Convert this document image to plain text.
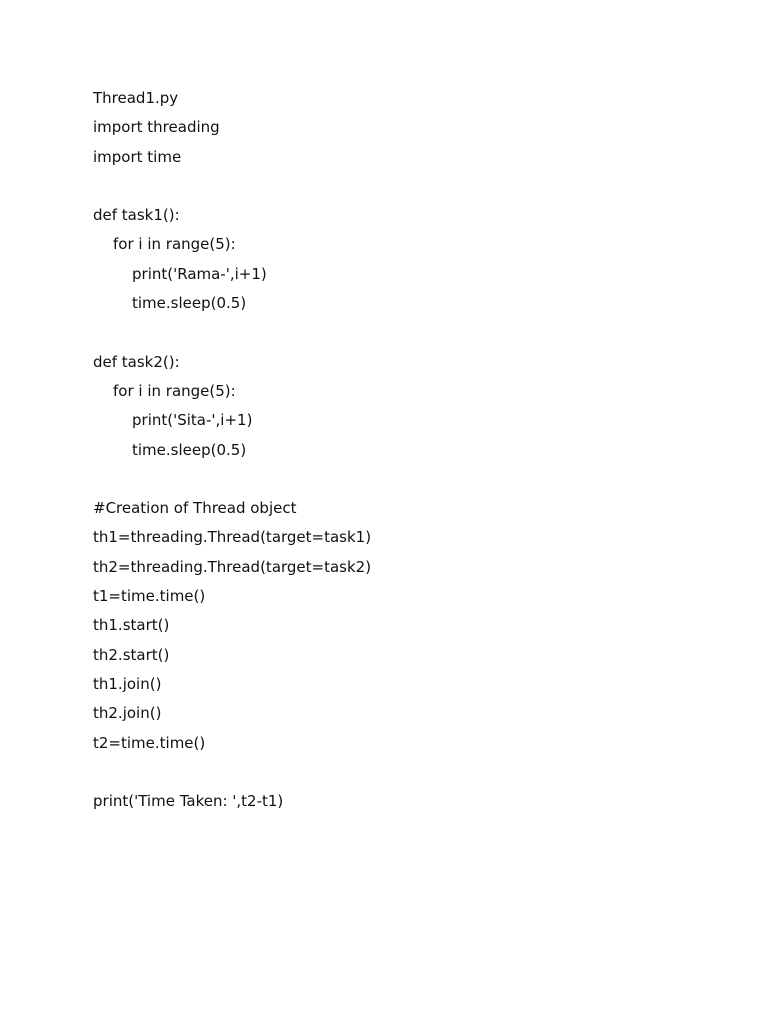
Thread1.py
import threading
import time
def task1():
for i in range(5):
print('Rama-',i+1)
time.sleep(0.5)
def task2():
for i in range(5):
print('Sita-',i+1)
time.sleep(0.5)
#Creation of Thread object
th1=threading.Thread(target=task1)
th2=threading.Thread(target=task2)
t1=time.time()
th1.start()
th2.start()
th1.join()
th2.join()
t2=time.time()
print('Time Taken: ',t2-t1)
